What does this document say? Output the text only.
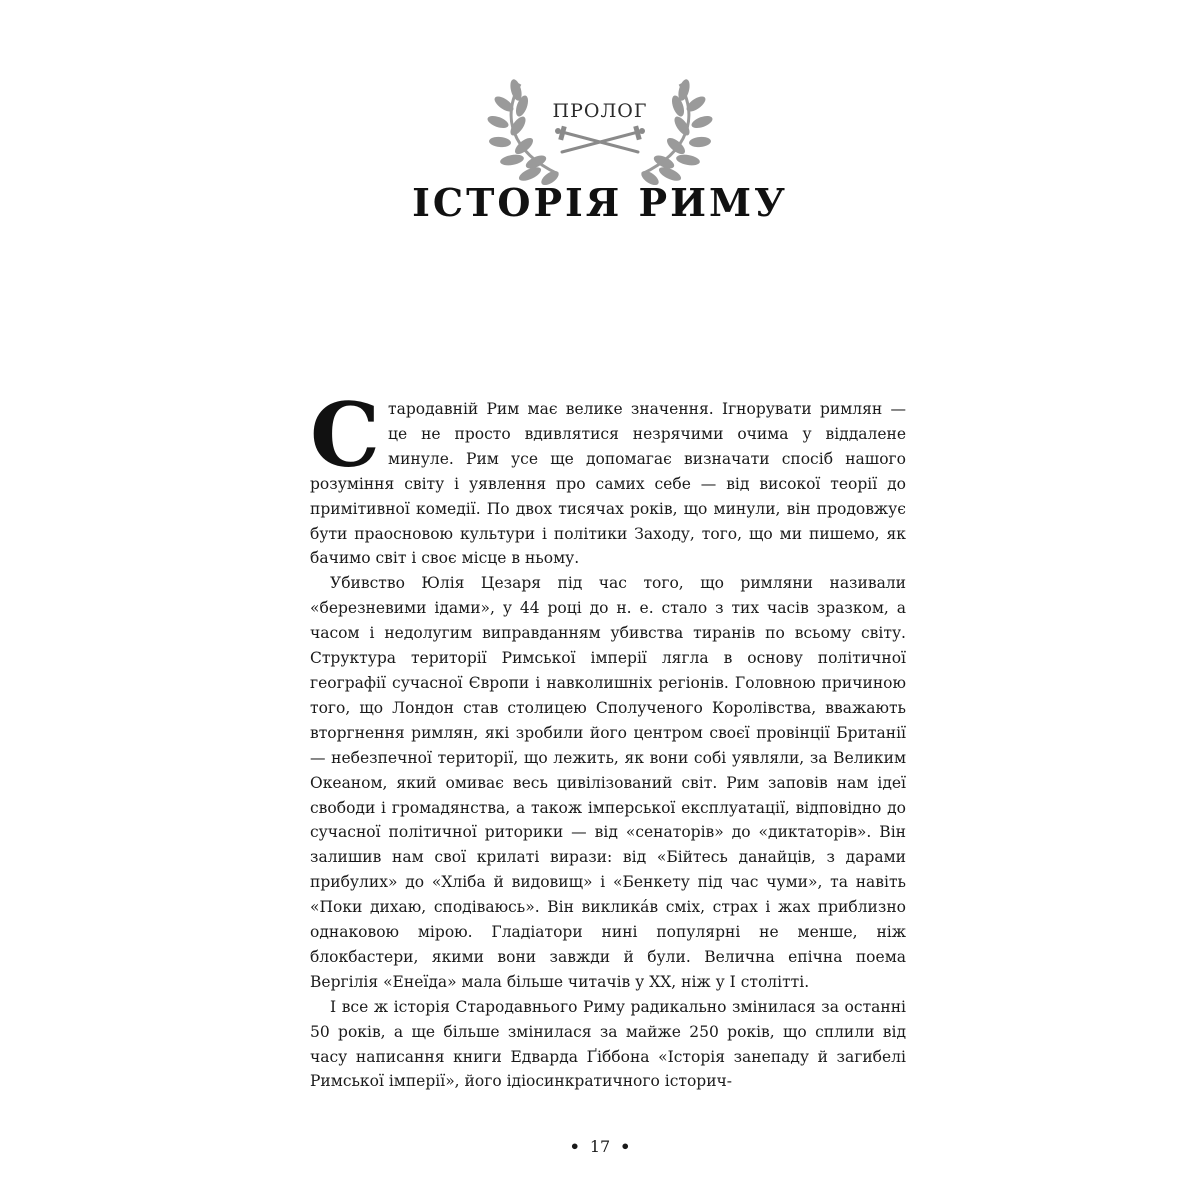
ПРОЛОГ
ІСТОРІЯ РИМУ

Стародавній Рим має велике значення. Ігнорувати римлян — це не просто вдивлятися незрячими очима у віддалене минуле. Рим усе ще допомагає визначати спосіб нашого розуміння світу і уявлення про самих себе — від високої теорії до примітивної комедії. По двох тисячах років, що минули, він продовжує бути праосновою культури і політики Заходу, того, що ми пишемо, як бачимо світ і своє місце в ньому.

Убивство Юлія Цезаря під час того, що римляни називали «березневими ідами», у 44 році до н. е. стало з тих часів зразком, а часом і недолугим виправданням убивства тиранів по всьому світу. Структура території Римської імперії лягла в основу політичної географії сучасної Європи і навколишніх регіонів. Головною причиною того, що Лондон став столицею Сполученого Королівства, вважають вторгнення римлян, які зробили його центром своєї провінції Британії — небезпечної території, що лежить, як вони собі уявляли, за Великим Океаном, який омиває весь цивілізований світ. Рим заповів нам ідеї свободи і громадянства, а також імперської експлуатації, відповідно до сучасної політичної риторики — від «сенаторів» до «диктаторів». Він залишив нам свої крилаті вирази: від «Бійтесь данайців, з дарами прибулих» до «Хліба й видовищ» і «Бенкету під час чуми», та навіть «Поки дихаю, сподіваюсь». Він викликáв сміх, страх і жах приблизно однаковою мірою. Гладіатори нині популярні не менше, ніж блокбастери, якими вони завжди й були. Велична епічна поема Вергілія «Енеїда» мала більше читачів у ХХ, ніж у І столітті.

І все ж історія Стародавнього Риму радикально змінилася за останні 50 років, а ще більше змінилася за майже 250 років, що сплили від часу написання книги Едварда Ґіббона «Історія занепаду й загибелі Римської імперії», його ідіосинкратичного історич-

• 17 •
